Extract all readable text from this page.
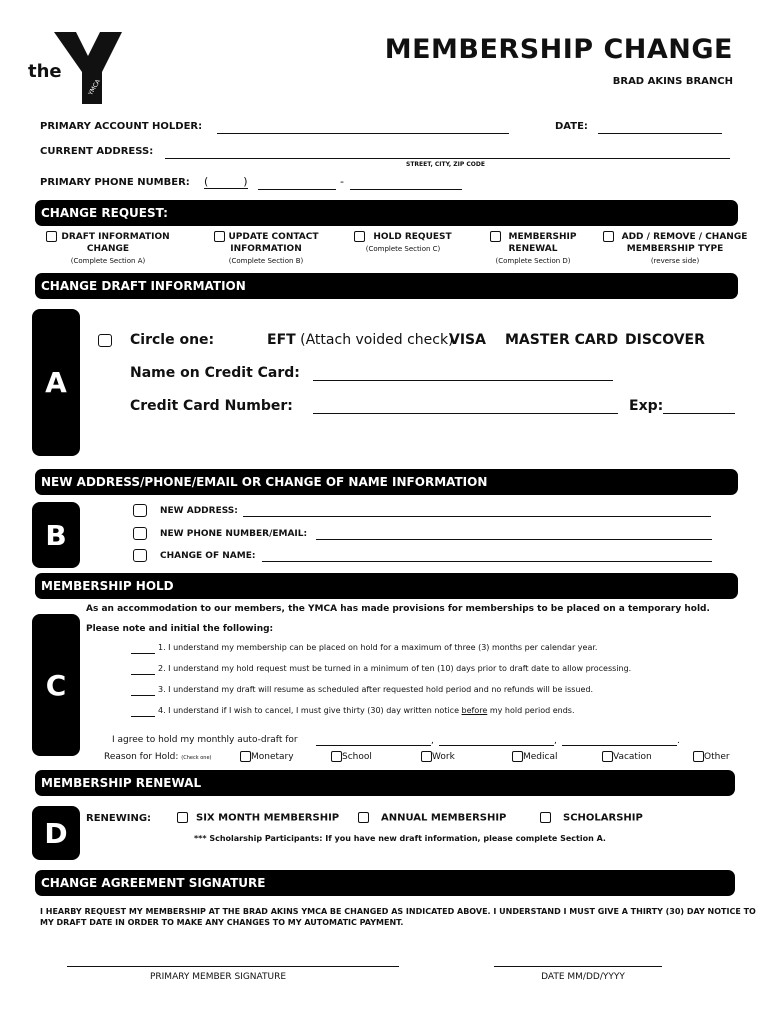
the
YMCA
MEMBERSHIP CHANGE
BRAD AKINS BRANCH
PRIMARY ACCOUNT HOLDER:	DATE:
CURRENT ADDRESS:
STREET, CITY, ZIP CODE
PRIMARY PHONE NUMBER: (          )	-
CHANGE REQUEST:
DRAFT INFORMATION
CHANGE
(Complete Section A)
UPDATE CONTACT
INFORMATION
(Complete Section B)
HOLD REQUEST
(Complete Section C)
MEMBERSHIP
RENEWAL
(Complete Section D)
ADD / REMOVE / CHANGE
MEMBERSHIP TYPE
(reverse side)
CHANGE DRAFT INFORMATION
A
Circle one:	EFT (Attach voided check)
VISA MASTER CARD DISCOVER
Name on Credit Card:
Credit Card Number:	Exp:
NEW ADDRESS/PHONE/EMAIL OR CHANGE OF NAME INFORMATION
B
NEW ADDRESS:
NEW PHONE NUMBER/EMAIL:
CHANGE OF NAME:
MEMBERSHIP HOLD
C
As an accommodation to our members, the YMCA has made provisions for memberships to be placed on a temporary hold.
Please note and initial the following:
1. I understand my membership can be placed on hold for a maximum of three (3) months per calendar year.
2. I understand my hold request must be turned in a minimum of ten (10) days prior to draft date to allow processing.
3. I understand my draft will resume as scheduled after requested hold period and no refunds will be issued.
4. I understand if I wish to cancel, I must give thirty (30) day written notice before my hold period ends.
I agree to hold my monthly auto-draft for	,	,	.
Reason for Hold: (Check one)	Monetary	School	Work	Medical	Vacation	Other
MEMBERSHIP RENEWAL
D	RENEWING:	SIX MONTH MEMBERSHIP	ANNUAL MEMBERSHIP	SCHOLARSHIP
*** Scholarship Participants: If you have new draft information, please complete Section A.
CHANGE AGREEMENT SIGNATURE
I HEARBY REQUEST MY MEMBERSHIP AT THE BRAD AKINS YMCA BE CHANGED AS INDICATED ABOVE. I UNDERSTAND I MUST GIVE A THIRTY (30) DAY NOTICE TO MY DRAFT DATE IN ORDER TO MAKE ANY CHANGES TO MY AUTOMATIC PAYMENT.
PRIMARY MEMBER SIGNATURE	DATE MM/DD/YYYY
